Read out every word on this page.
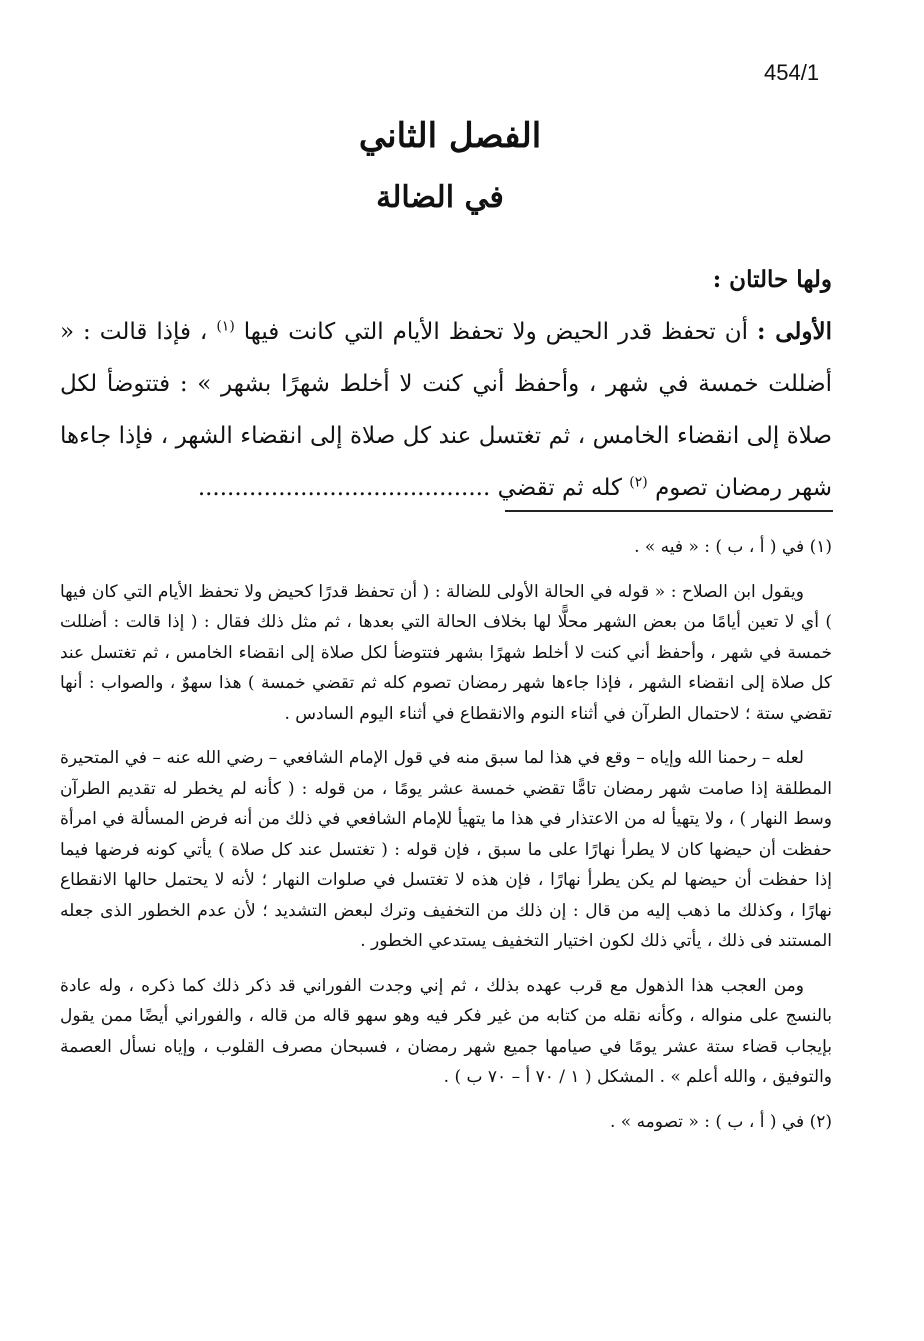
454/1
الفصل الثاني
في الضالة

ولها حالتان :

الأولى : أن تحفظ قدر الحيض ولا تحفظ الأيام التي كانت فيها $^{(١)}$ ، فإذا قالت : « أضللت خمسة في شهر ، وأحفظ أني كنت لا أخلط شهرًا بشهر » : فتتوضأ لكل صلاة إلى انقضاء الخامس ، ثم تغتسل عند كل صلاة إلى انقضاء الشهر ، فإذا جاءها شهر رمضان تصوم $^{(٢)}$ كله ثم تقضي ........................................

(١) في ( أ ، ب ) : « فيه » .

ويقول ابن الصلاح : « قوله في الحالة الأولى للضالة : ( أن تحفظ قدرًا كحيض ولا تحفظ الأيام التي كان فيها ) أي لا تعين أيامًا من بعض الشهر محلًّا لها بخلاف الحالة التي بعدها ، ثم مثل ذلك فقال : ( إذا قالت : أضللت خمسة في شهر ، وأحفظ أني كنت لا أخلط شهرًا بشهر فتتوضأ لكل صلاة إلى انقضاء الخامس ، ثم تغتسل عند كل صلاة إلى انقضاء الشهر ، فإذا جاءها شهر رمضان تصوم كله ثم تقضي خمسة ) هذا سهوٌ ، والصواب : أنها تقضي ستة ؛ لاحتمال الطرآن في أثناء النوم والانقطاع في أثناء اليوم السادس .

لعله – رحمنا الله وإياه – وقع في هذا لما سبق منه في قول الإمام الشافعي – رضي الله عنه – في المتحيرة المطلقة إذا صامت شهر رمضان تامًّا تقضي خمسة عشر يومًا ، من قوله : ( كأنه لم يخطر له تقديم الطرآن وسط النهار ) ، ولا يتهيأ له من الاعتذار في هذا ما يتهيأ للإمام الشافعي في ذلك من أنه فرض المسألة في امرأة حفظت أن حيضها كان لا يطرأ نهارًا على ما سبق ، فإن قوله : ( تغتسل عند كل صلاة ) يأتي كونه فرضها فيما إذا حفظت أن حيضها لم يكن يطرأ نهارًا ، فإن هذه لا تغتسل في صلوات النهار ؛ لأنه لا يحتمل حالها الانقطاع نهارًا ، وكذلك ما ذهب إليه من قال : إن ذلك من التخفيف وترك لبعض التشديد ؛ لأن عدم الخطور الذى جعله المستند فى ذلك ، يأتي ذلك لكون اختيار التخفيف يستدعي الخطور .

ومن العجب هذا الذهول مع قرب عهده بذلك ، ثم إني وجدت الفوراني قد ذكر ذلك كما ذكره ، وله عادة بالنسج على منواله ، وكأنه نقله من كتابه من غير فكر فيه وهو سهو قاله من قاله ، والفوراني أيضًا ممن يقول بإيجاب قضاء ستة عشر يومًا في صيامها جميع شهر رمضان ، فسبحان مصرف القلوب ، وإياه نسأل العصمة والتوفيق ، والله أعلم » . المشكل ( ١ / ٧٠ أ – ٧٠ ب ) .

(٢) في ( أ ، ب ) : « تصومه » .
